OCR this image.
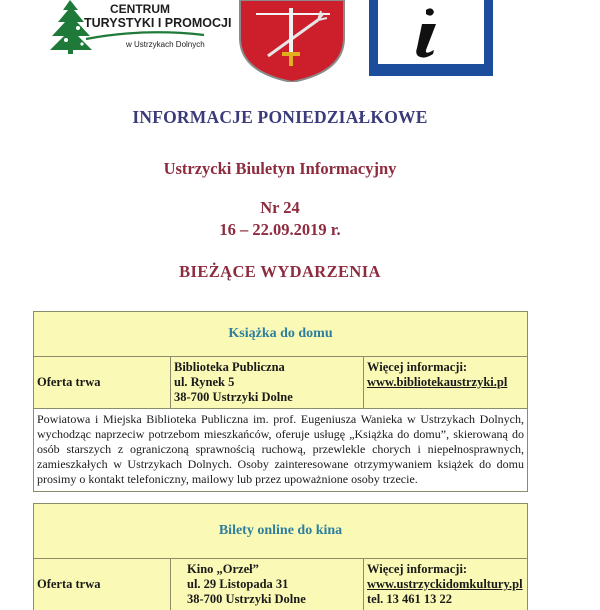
CENTRUM
TURYSTYKI I PROMOCJI
w Ustrzykach Dolnych
INFORMACJE PONIEDZIAŁKOWE
Ustrzycki Biuletyn Informacyjny
Nr 24
16 – 22.09.2019 r.
BIEŻĄCE WYDARZENIA
Książka do domu
Oferta trwa
Biblioteka Publiczna
ul. Rynek 5
38-700 Ustrzyki Dolne
Więcej informacji:
www.bibliotekaustrzyki.pl
Powiatowa i Miejska Biblioteka Publiczna im. prof. Eugeniusza Wanieka w Ustrzykach Dolnych, wychodząc naprzeciw potrzebom mieszkańców, oferuje usługę „Książka do domu”, skierowaną do osób starszych z ograniczoną sprawnością ruchową, przewlekle chorych i niepełnosprawnych, zamieszkałych w Ustrzykach Dolnych. Osoby zainteresowane otrzymywaniem książek do domu prosimy o kontakt telefoniczny, mailowy lub przez upoważnione osoby trzecie.
Bilety online do kina
Oferta trwa
Kino „Orzeł”
ul. 29 Listopada 31
38-700 Ustrzyki Dolne
Więcej informacji:
www.ustrzyckidomkultury.pl
tel. 13 461 13 22
